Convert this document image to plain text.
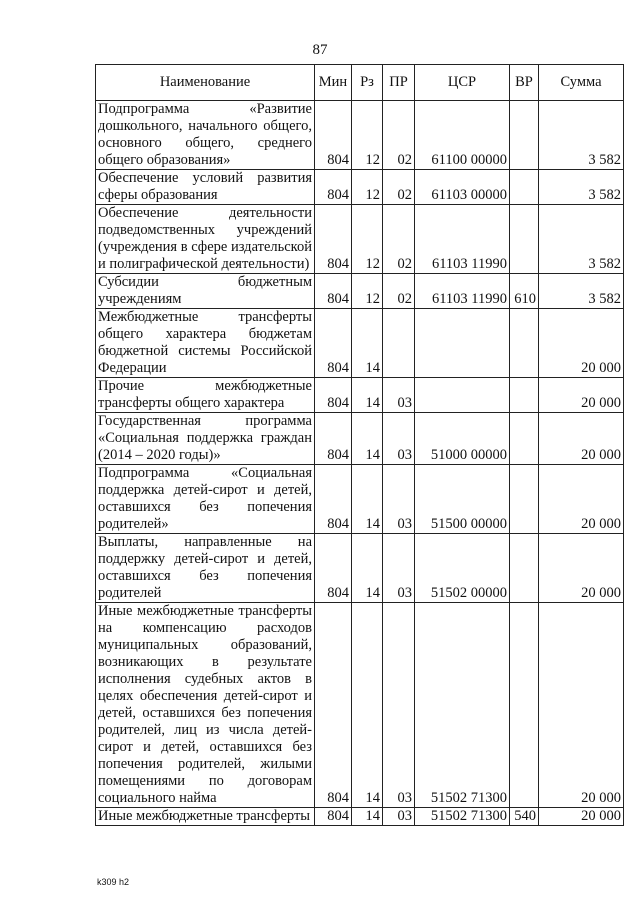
87
Наименование	Мин	Рз	ПР	ЦСР	ВР	Сумма
Подпрограмма «Развитие дошкольного, начального общего, основного общего, среднего общего образования»	804	12	02	61100 00000		3 582
Обеспечение условий развития сферы образования	804	12	02	61103 00000		3 582
Обеспечение деятельности подведомственных учреждений (учреждения в сфере издательской и полиграфической деятельности)	804	12	02	61103 11990		3 582
Субсидии бюджетным учреждениям	804	12	02	61103 11990	610	3 582
Межбюджетные трансферты общего характера бюджетам бюджетной системы Российской Федерации	804	14				20 000
Прочие межбюджетные трансферты общего характера	804	14	03			20 000
Государственная программа «Социальная поддержка граждан (2014 – 2020 годы)»	804	14	03	51000 00000		20 000
Подпрограмма «Социальная поддержка детей-сирот и детей, оставшихся без попечения родителей»	804	14	03	51500 00000		20 000
Выплаты, направленные на поддержку детей-сирот и детей, оставшихся без попечения родителей	804	14	03	51502 00000		20 000
Иные межбюджетные трансферты на компенсацию расходов муниципальных образований, возникающих в результате исполнения судебных актов в целях обеспечения детей-сирот и детей, оставшихся без попечения родителей, лиц из числа детей-сирот и детей, оставшихся без попечения родителей, жилыми помещениями по договорам социального найма	804	14	03	51502 71300		20 000
Иные межбюджетные трансферты	804	14	03	51502 71300	540	20 000
k309 h2
